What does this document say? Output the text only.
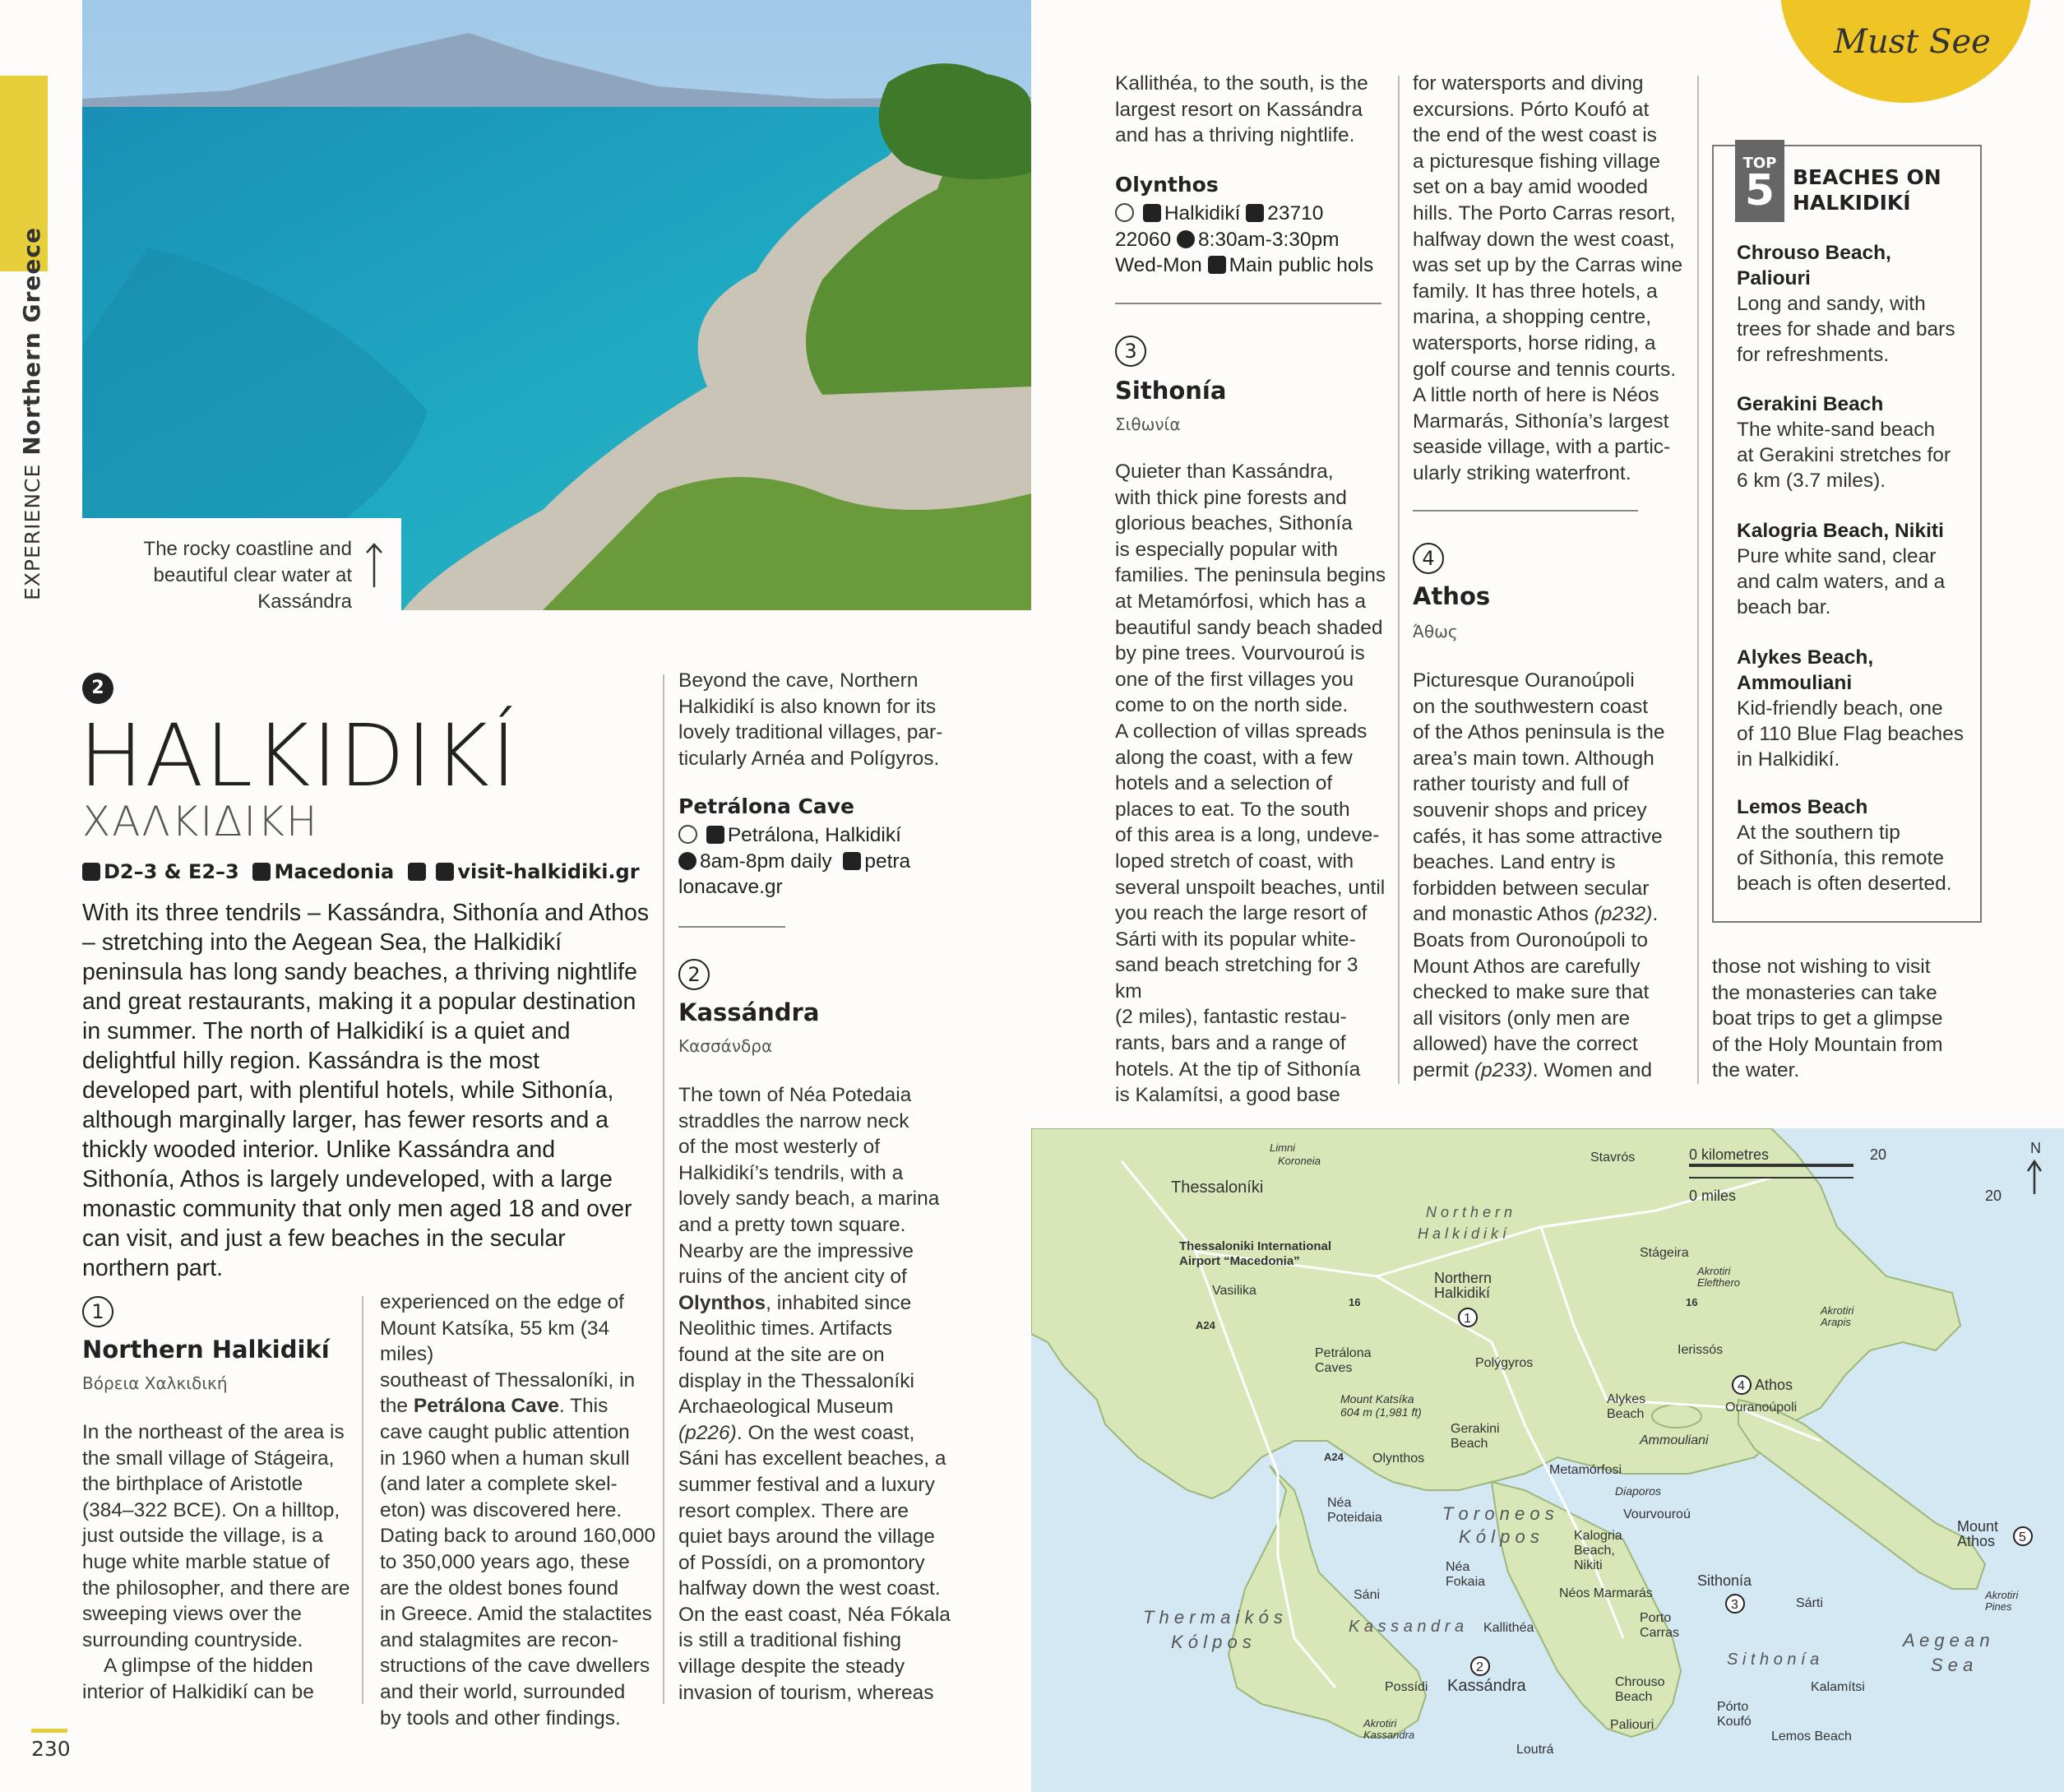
EXPERIENCENorthern Greece
Must See
The rocky coastline and beautiful clear water at Kassándra
2
HALKIDIKÍ
ΧΑΛΚΙΔΙΚΗ
D2–3 & E2–3 Macedonia	visit-halkidiki.gr
With its three tendrils – Kassándra, Sithonía and Athos – stretching into the Aegean Sea, the Halkidikí peninsula has long sandy beaches, a thriving nightlife and great restaurants, making it a popular destination in summer. The north of Halkidikí is a quiet and delightful hilly region. Kassándra is the most developed part, with plentiful hotels, while Sithonía, although marginally larger, has fewer resorts and a thickly wooded interior. Unlike Kassándra and Sithonía, Athos is largely undeveloped, with a large monastic community that only men aged 18 and over can visit, and just a few beaches in the secular northern part.
1
Northern Halkidikí
Βόρεια Χαλκιδική

In the northeast of the area is

the small village of Stágeira,

the birthplace of Aristotle

(384–322 BCE). On a hilltop,

just outside the village, is a

huge white marble statue of

the philosopher, and there are

sweeping views over the

surrounding countryside.

A glimpse of the hidden

interior of Halkidikí can be

experienced on the edge of

Mount Katsíka, 55 km (34 miles)

southeast of Thessaloníki, in

the Petrálona Cave. This

cave caught public attention

in 1960 when a human skull

(and later a complete skel-

eton) was discovered here.

Dating back to around 160,000

to 350,000 years ago, these

are the oldest bones found

in Greece. Amid the stalactites

and stalagmites are recon-

structions of the cave dwellers

and their world, surrounded

by tools and other findings.

Beyond the cave, Northern

Halkidikí is also known for its

lovely traditional villages, par-

ticularly Arnéa and Polígyros.

Petrálona Cave
Petrálona, Halkidikí
8am-8pm daily petra
lonacave.gr
2
Kassándra
Κασσάνδρα

The town of Néa Potedaia

straddles the narrow neck

of the most westerly of

Halkidikí’s tendrils, with a

lovely sandy beach, a marina

and a pretty town square.

Nearby are the impressive

ruins of the ancient city of

Olynthos, inhabited since

Neolithic times. Artifacts

found at the site are on

display in the Thessaloníki

Archaeological Museum

(p226). On the west coast,

Sáni has excellent beaches, a

summer festival and a luxury

resort complex. There are

quiet bays around the village

of Possídi, on a promontory

halfway down the west coast.

On the east coast, Néa Fókala

is still a traditional fishing

village despite the steady

invasion of tourism, whereas

Kallithéa, to the south, is the

largest resort on Kassándra

and has a thriving nightlife.

Olynthos
Halkidikí 23710
22060 8:30am-3:30pm
Wed-Mon Main public hols
3
Sithonía
Σιθωνία

Quieter than Kassándra,

with thick pine forests and

glorious beaches, Sithonía

is especially popular with

families. The peninsula begins

at Metamórfosi, which has a

beautiful sandy beach shaded

by pine trees. Vourvouroú is

one of the first villages you

come to on the north side.

A collection of villas spreads

along the coast, with a few

hotels and a selection of

places to eat. To the south

of this area is a long, undeve-

loped stretch of coast, with

several unspoilt beaches, until

you reach the large resort of

Sárti with its popular white-

sand beach stretching for 3 km

(2 miles), fantastic restau-

rants, bars and a range of

hotels. At the tip of Sithonía

is Kalamítsi, a good base

for watersports and diving

excursions. Pórto Koufó at

the end of the west coast is

a picturesque fishing village

set on a bay amid wooded

hills. The Porto Carras resort,

halfway down the west coast,

was set up by the Carras wine

family. It has three hotels, a

marina, a shopping centre,

watersports, horse riding, a

golf course and tennis courts.

A little north of here is Néos

Marmarás, Sithonía’s largest

seaside village, with a partic-

ularly striking waterfront.

4
Athos
Άθως

Picturesque Ouranoúpoli

on the southwestern coast

of the Athos peninsula is the

area’s main town. Although

rather touristy and full of

souvenir shops and pricey

cafés, it has some attractive

beaches. Land entry is

forbidden between secular

and monastic Athos (p232).

Boats from Ouronoúpoli to

Mount Athos are carefully

checked to make sure that

all visitors (only men are

allowed) have the correct

permit (p233). Women and

TOP
5 BEACHES ON
HALKIDIKÍ
Chrouso Beach,
Paliouri
Long and sandy, with
trees for shade and bars
for refreshments.
Gerakini Beach
The white-sand beach
at Gerakini stretches for
6 km (3.7 miles).
Kalogria Beach, Nikiti
Pure white sand, clear
and calm waters, and a
beach bar.
Alykes Beach,
Ammouliani
Kid-friendly beach, one
of 110 Blue Flag beaches
in Halkidikí.
Lemos Beach
At the southern tip
of Sithonía, this remote
beach is often deserted.

those not wishing to visit

the monasteries can take

boat trips to get a glimpse

of the Holy Mountain from

the water.

0 kilometres	20
0 miles	20
N
Thessaloníki
Thessaloniki International
Airport “Macedonia”
Vasilika
Petrálona
Caves
Mount Katsíka
604 m (1,981 ft)
Olynthos
Néa
Poteidaia
Gerakini
Beach
Polýgyros
Northern
Halkidikí
N o r t h e r n
H a l k i d i k í
Stavrós
Stágeira
Akrotiri
Elefthero
Akrotiri
Arapis
Ierissós
Athos
Ouranoúpoli
Alykes
Beach
Ammouliani
Metamórfosi
Diaporos
Vourvouroú
T o r o n e o s
K ó l p o s	Kalogria
Beach,
Nikiti
Sithonía
Néos Marmarás
Porto
Carras
Sárti
S i t h o n í a
Kalamítsi
Pórto
Koufó
Lemos Beach
Chrouso
Beach
Paliouri
Loutrá
Kassándra
K a s s a n d r a Kallithéa
Néa
Fokaia
Sáni
Possídi
Akrotiri
Kassandra
T h e r m a i k ó s
K ó l p o s
Mount
Athos
Akrotiri
Pines
A e g e a n
S e a
Limni
Koroneia
A24
A24
16	16
1
2
3
4
5
230
